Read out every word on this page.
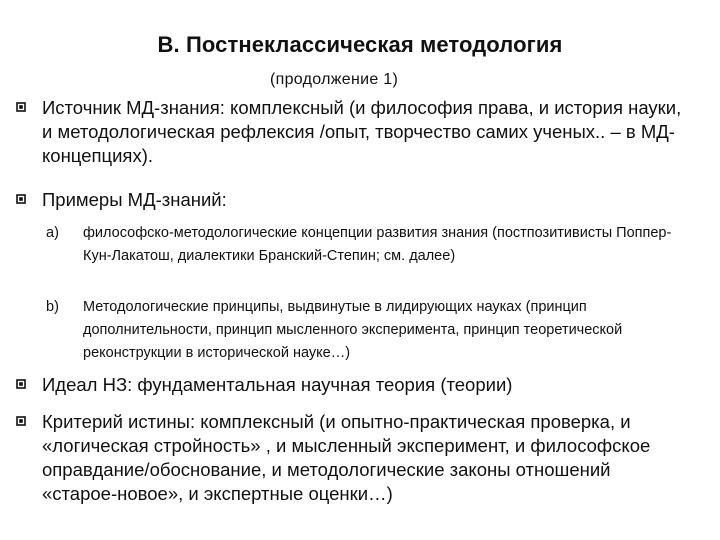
В. Постнеклассическая методология
(продолжение 1)
Источник МД-знания: комплексный (и философия права, и история науки, и методологическая рефлексия /опыт, творчество самих ученых.. – в МД-концепциях).
Примеры МД-знаний:
a) философско-методологические концепции развития знания (постпозитивисты Поппер-Кун-Лакатош, диалектики Бранский-Степин; см. далее)
b) Методологические принципы, выдвинутые в лидирующих науках (принцип дополнительности, принцип мысленного эксперимента, принцип теоретической реконструкции в исторической науке…)
Идеал НЗ: фундаментальная научная теория (теории)
Критерий истины: комплексный (и опытно-практическая проверка, и «логическая стройность» , и мысленный эксперимент, и философское оправдание/обоснование, и методологические законы отношений «старое-новое», и экспертные оценки…)
